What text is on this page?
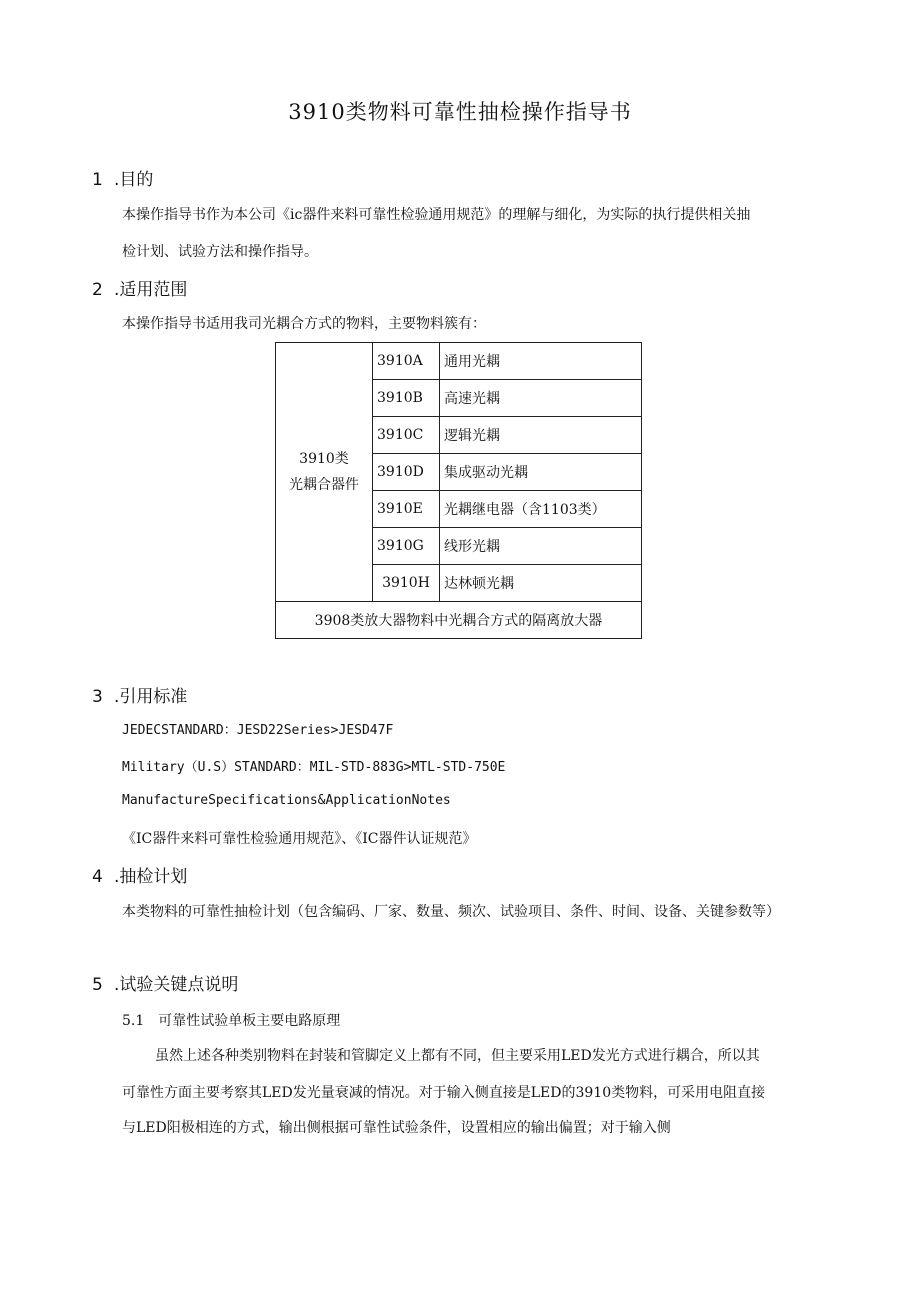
3910类物料可靠性抽检操作指导书
1 .目的
本操作指导书作为本公司《ic器件来料可靠性检验通用规范》的理解与细化，为实际的执行提供相关抽
检计划、试验方法和操作指导。
2 .适用范围
本操作指导书适用我司光耦合方式的物料，主要物料簇有：
3910类
光耦合器件	3910A	通用光耦
	3910B	高速光耦
	3910C	逻辑光耦
	3910D	集成驱动光耦
	3910E	光耦继电器（含1103类）
	3910G	线形光耦
	3910H	达林顿光耦
3908类放大器物料中光耦合方式的隔离放大器		
3 .引用标准
JEDECSTANDARD：JESD22Series>JESD47F
Military（U.S）STANDARD：MIL-STD-883G>MTL-STD-750E
ManufactureSpecifications&ApplicationNotes
《IC器件来料可靠性检验通用规范》、《IC器件认证规范》
4 .抽检计划
本类物料的可靠性抽检计划（包含编码、厂家、数量、频次、试验项目、条件、时间、设备、关键参数等）
5 .试验关键点说明
5.1　可靠性试验单板主要电路原理
虽然上述各种类别物料在封装和管脚定义上都有不同，但主要采用LED发光方式进行耦合，所以其
可靠性方面主要考察其LED发光量衰减的情况。对于输入侧直接是LED的3910类物料，可采用电阻直接
与LED阳极相连的方式，输出侧根据可靠性试验条件，设置相应的输出偏置；对于输入侧
